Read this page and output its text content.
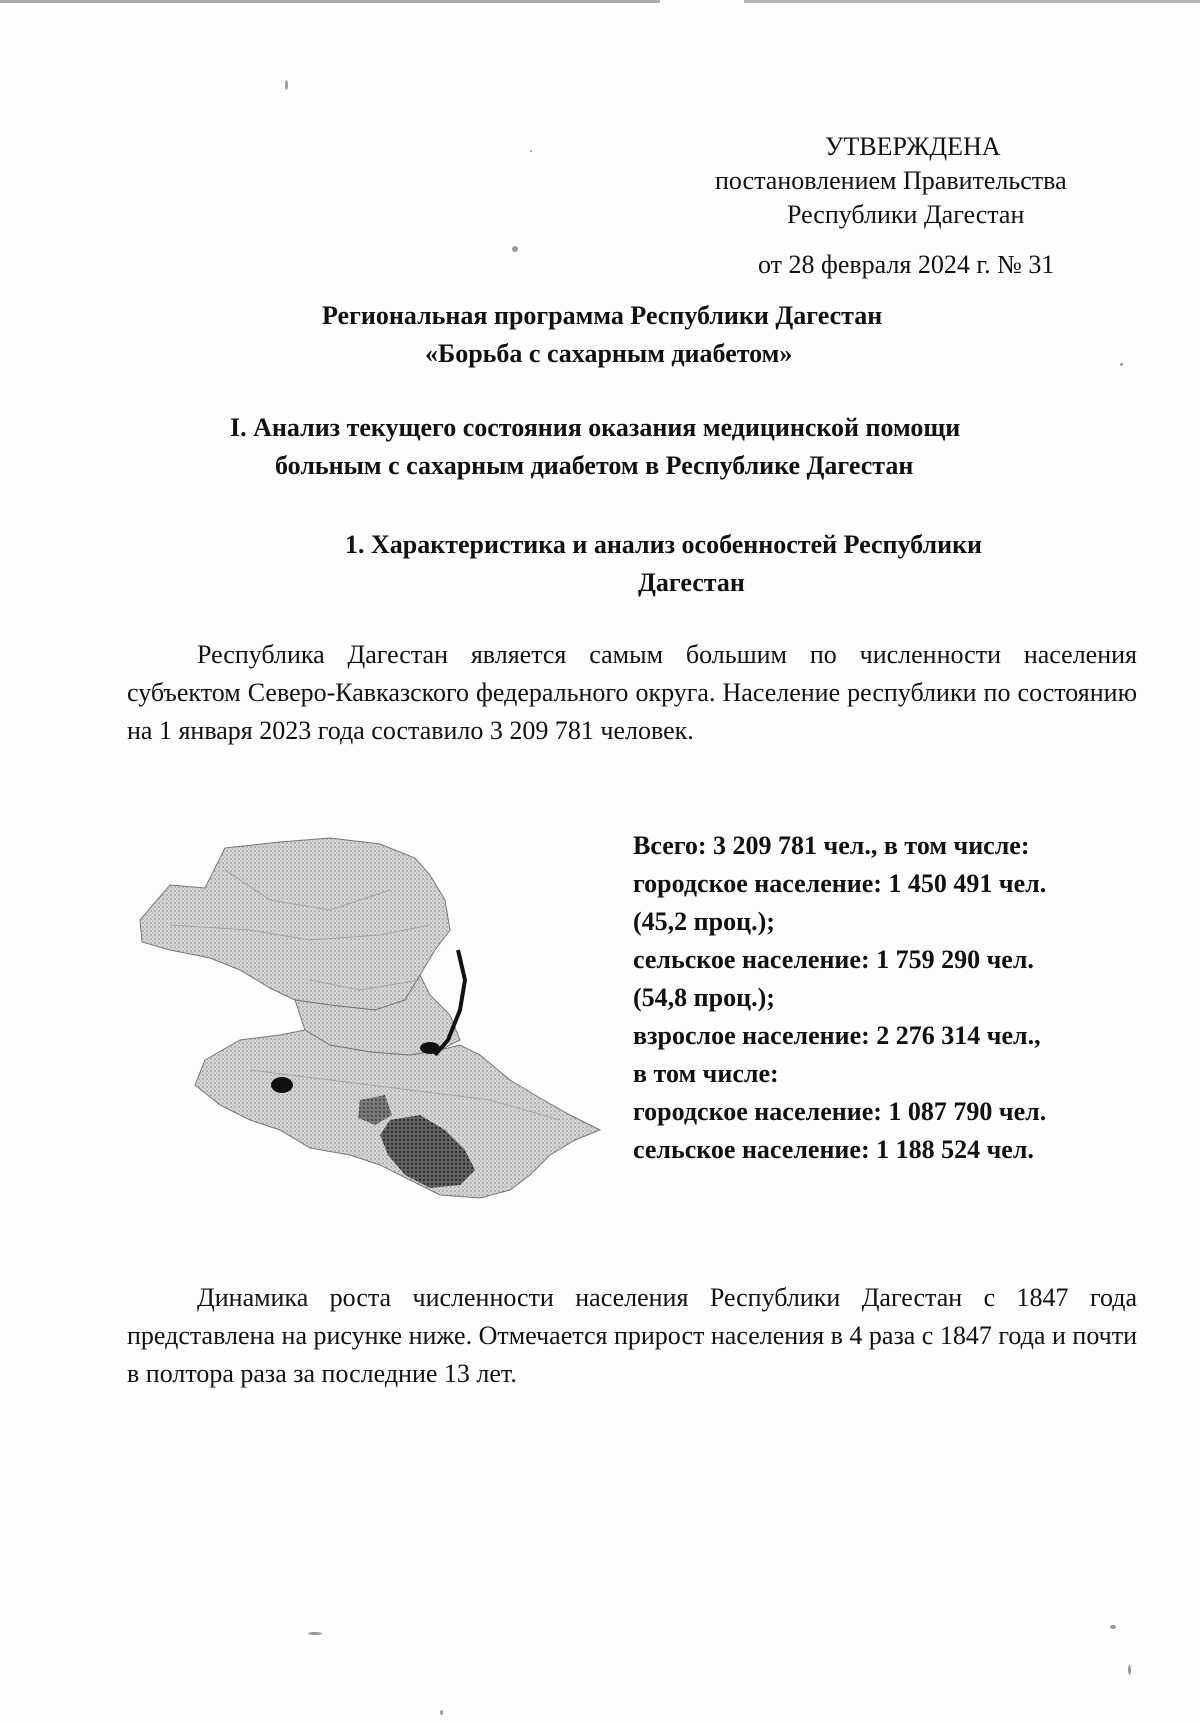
УТВЕРЖДЕНА
постановлением Правительства
Республики Дагестан
от 28 февраля 2024 г. № 31
Региональная программа Республики Дагестан
«Борьба с сахарным диабетом»
I. Анализ текущего состояния оказания медицинской помощи
больным с сахарным диабетом в Республике Дагестан
1. Характеристика и анализ особенностей Республики
Дагестан

Республика Дагестан является самым большим по численности населения субъектом Северо-Кавказского федерального округа. Население республики по состоянию на 1 января 2023 года составило 3 209 781 человек.

Всего: 3 209 781 чел., в том числе:
городское население: 1 450 491 чел.
(45,2 проц.);
сельское население: 1 759 290 чел.
(54,8 проц.);
взрослое население: 2 276 314 чел.,
в том числе:
городское население: 1 087 790 чел.
сельское население: 1 188 524 чел.

Динамика роста численности населения Республики Дагестан с 1847 года представлена на рисунке ниже. Отмечается прирост населения в 4 раза с 1847 года и почти в полтора раза за последние 13 лет.
